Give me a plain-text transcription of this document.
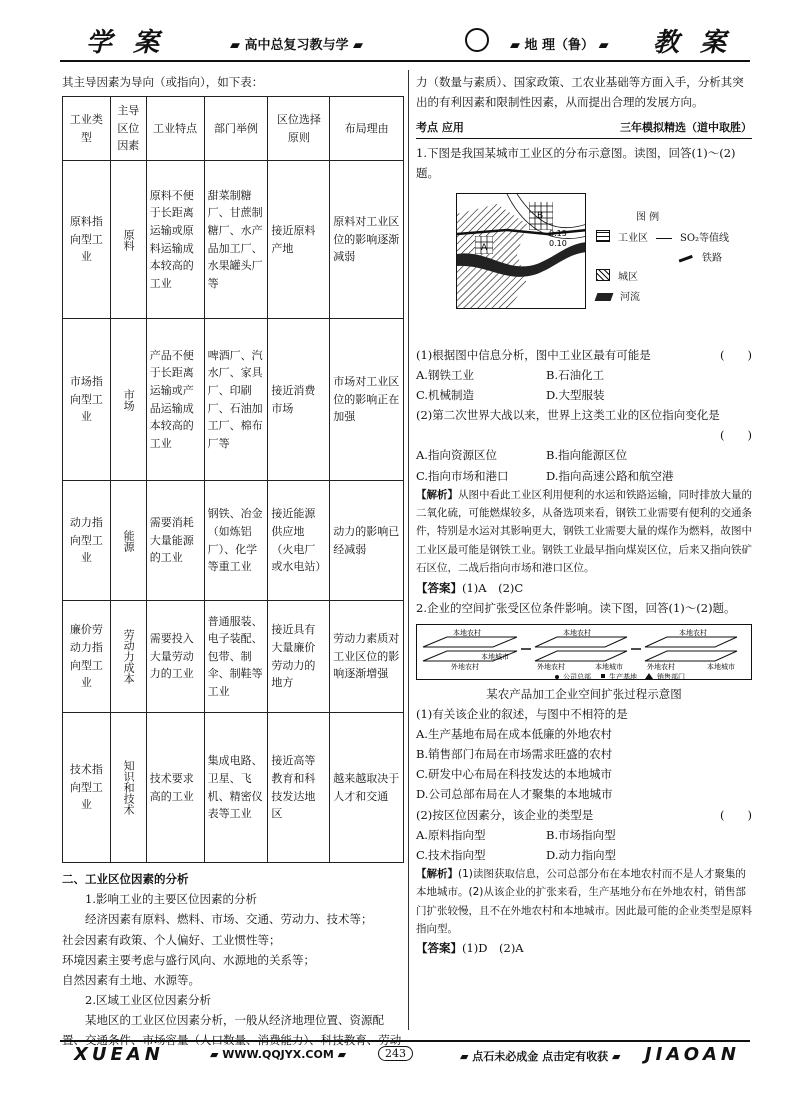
学 案	▰ 高中总复习教与学 ▰	▰ 地 理（鲁） ▰ 教 案
其主导因素为导向（或指向），如下表：
工业类型	主导区位因素	工业特点	部门举例	区位选择原则	布局理由
原料指向型工业	原料	原料不便于长距离运输或原料运输成本较高的工业	甜菜制糖厂、甘蔗制糖厂、水产品加工厂、水果罐头厂等	接近原料产地	原料对工业区位的影响逐渐减弱
市场指向型工业	市场	产品不便于长距离运输或产品运输成本较高的工业	啤酒厂、汽水厂、家具厂、印刷厂、石油加工厂、棉布厂等	接近消费市场	市场对工业区位的影响正在加强
动力指向型工业	能源	需要消耗大量能源的工业	钢铁、冶金（如炼铝厂）、化学等重工业	接近能源供应地（火电厂或水电站）	动力的影响已经减弱
廉价劳动力指向型工业	劳动力成本	需要投入大量劳动力的工业	普通服装、电子装配、包带、制伞、制鞋等工业	接近具有大量廉价劳动力的地方	劳动力素质对工业区位的影响逐渐增强
技术指向型工业	知识和技术	技术要求高的工业	集成电路、卫星、飞机、精密仪表等工业	接近高等教育和科技发达地区	越来越取决于人才和交通
二、工业区位因素的分析
1.影响工业的主要区位因素的分析
经济因素有原料、燃料、市场、交通、劳动力、技术等；
社会因素有政策、个人偏好、工业惯性等；
环境因素主要考虑与盛行风向、水源地的关系等；
自然因素有土地、水源等。
2.区域工业区位因素分析
某地区的工业区位因素分析，一般从经济地理位置、资源配置、交通条件、市场容量（人口数量、消费能力）、科技教育、劳动
力（数量与素质）、国家政策、工农业基础等方面入手，分析其突出的有利因素和限制性因素，从而提出合理的发展方向。
考点 应用	三年模拟精选（道中取胜）
1.下图是我国某城市工业区的分布示意图。读图，回答(1)～(2)题。
A
B
0.15
0.10
图 例
工业区	SO₂等值线
铁路
城区
河流
(1)根据图中信息分析，图中工业区最有可能是	(　　)
A.钢铁工业	B.石油化工
C.机械制造	D.大型服装
(2)第二次世界大战以来，世界上这类工业的区位指向变化是
(　　)
A.指向资源区位	B.指向能源区位
C.指向市场和港口	D.指向高速公路和航空港
【解析】从图中看此工业区利用便利的水运和铁路运输，同时排放大量的二氧化硫，可能燃煤较多，从备选项来看，钢铁工业需要有便利的交通条件，特别是水运对其影响更大，钢铁工业需要大量的煤作为燃料，故图中工业区最可能是钢铁工业。钢铁工业最早指向煤炭区位，后来又指向铁矿石区位，二战后指向市场和港口区位。
【答案】(1)A　(2)C
2.企业的空间扩张受区位条件影响。读下图，回答(1)～(2)题。
本地农村
外地农村
本地城市
本地农村
外地农村	本地城市
本地农村
外地农村	本地城市
公司总部	生产基地	销售部门
某农产品加工企业空间扩张过程示意图
(1)有关该企业的叙述，与图中不相符的是
A.生产基地布局在成本低廉的外地农村
B.销售部门布局在市场需求旺盛的农村
C.研发中心布局在科技发达的本地城市
D.公司总部布局在人才聚集的本地城市
(2)按区位因素分，该企业的类型是	(　　)
A.原料指向型	B.市场指向型
C.技术指向型	D.动力指向型
【解析】(1)读图获取信息，公司总部分布在本地农村而不是人才聚集的本地城市。(2)从该企业的扩张来看，生产基地分布在外地农村，销售部门扩张较慢，且不在外地农村和本地城市。因此最可能的企业类型是原料指向型。
【答案】(1)D　(2)A
XUEAN	▰ WWW.QQJYX.COM ▰	243	▰ 点石未必成金 点击定有收获 ▰ JIAOAN
